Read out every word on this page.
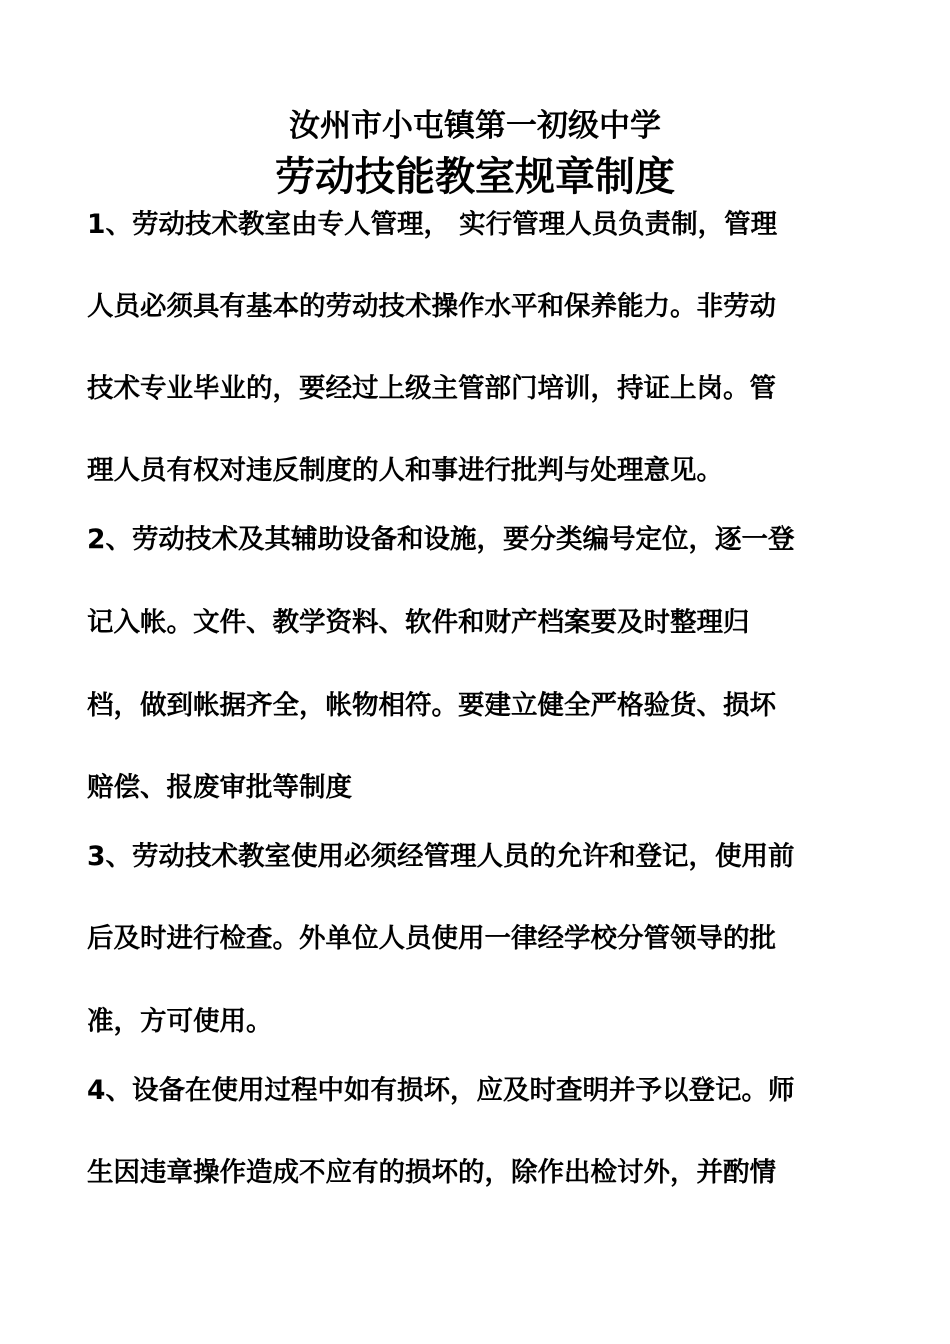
汝州市小屯镇第一初级中学
劳动技能教室规章制度

1、劳动技术教室由专人管理， 实行管理人员负责制，管理

人员必须具有基本的劳动技术操作水平和保养能力。非劳动

技术专业毕业的，要经过上级主管部门培训，持证上岗。管

理人员有权对违反制度的人和事进行批判与处理意见。

2、劳动技术及其辅助设备和设施，要分类编号定位，逐一登

记入帐。文件、教学资料、软件和财产档案要及时整理归

档，做到帐据齐全，帐物相符。要建立健全严格验货、损坏

赔偿、报废审批等制度

3、劳动技术教室使用必须经管理人员的允许和登记，使用前

后及时进行检查。外单位人员使用一律经学校分管领导的批

准，方可使用。

4、设备在使用过程中如有损坏，应及时查明并予以登记。师

生因违章操作造成不应有的损坏的，除作出检讨外，并酌情
